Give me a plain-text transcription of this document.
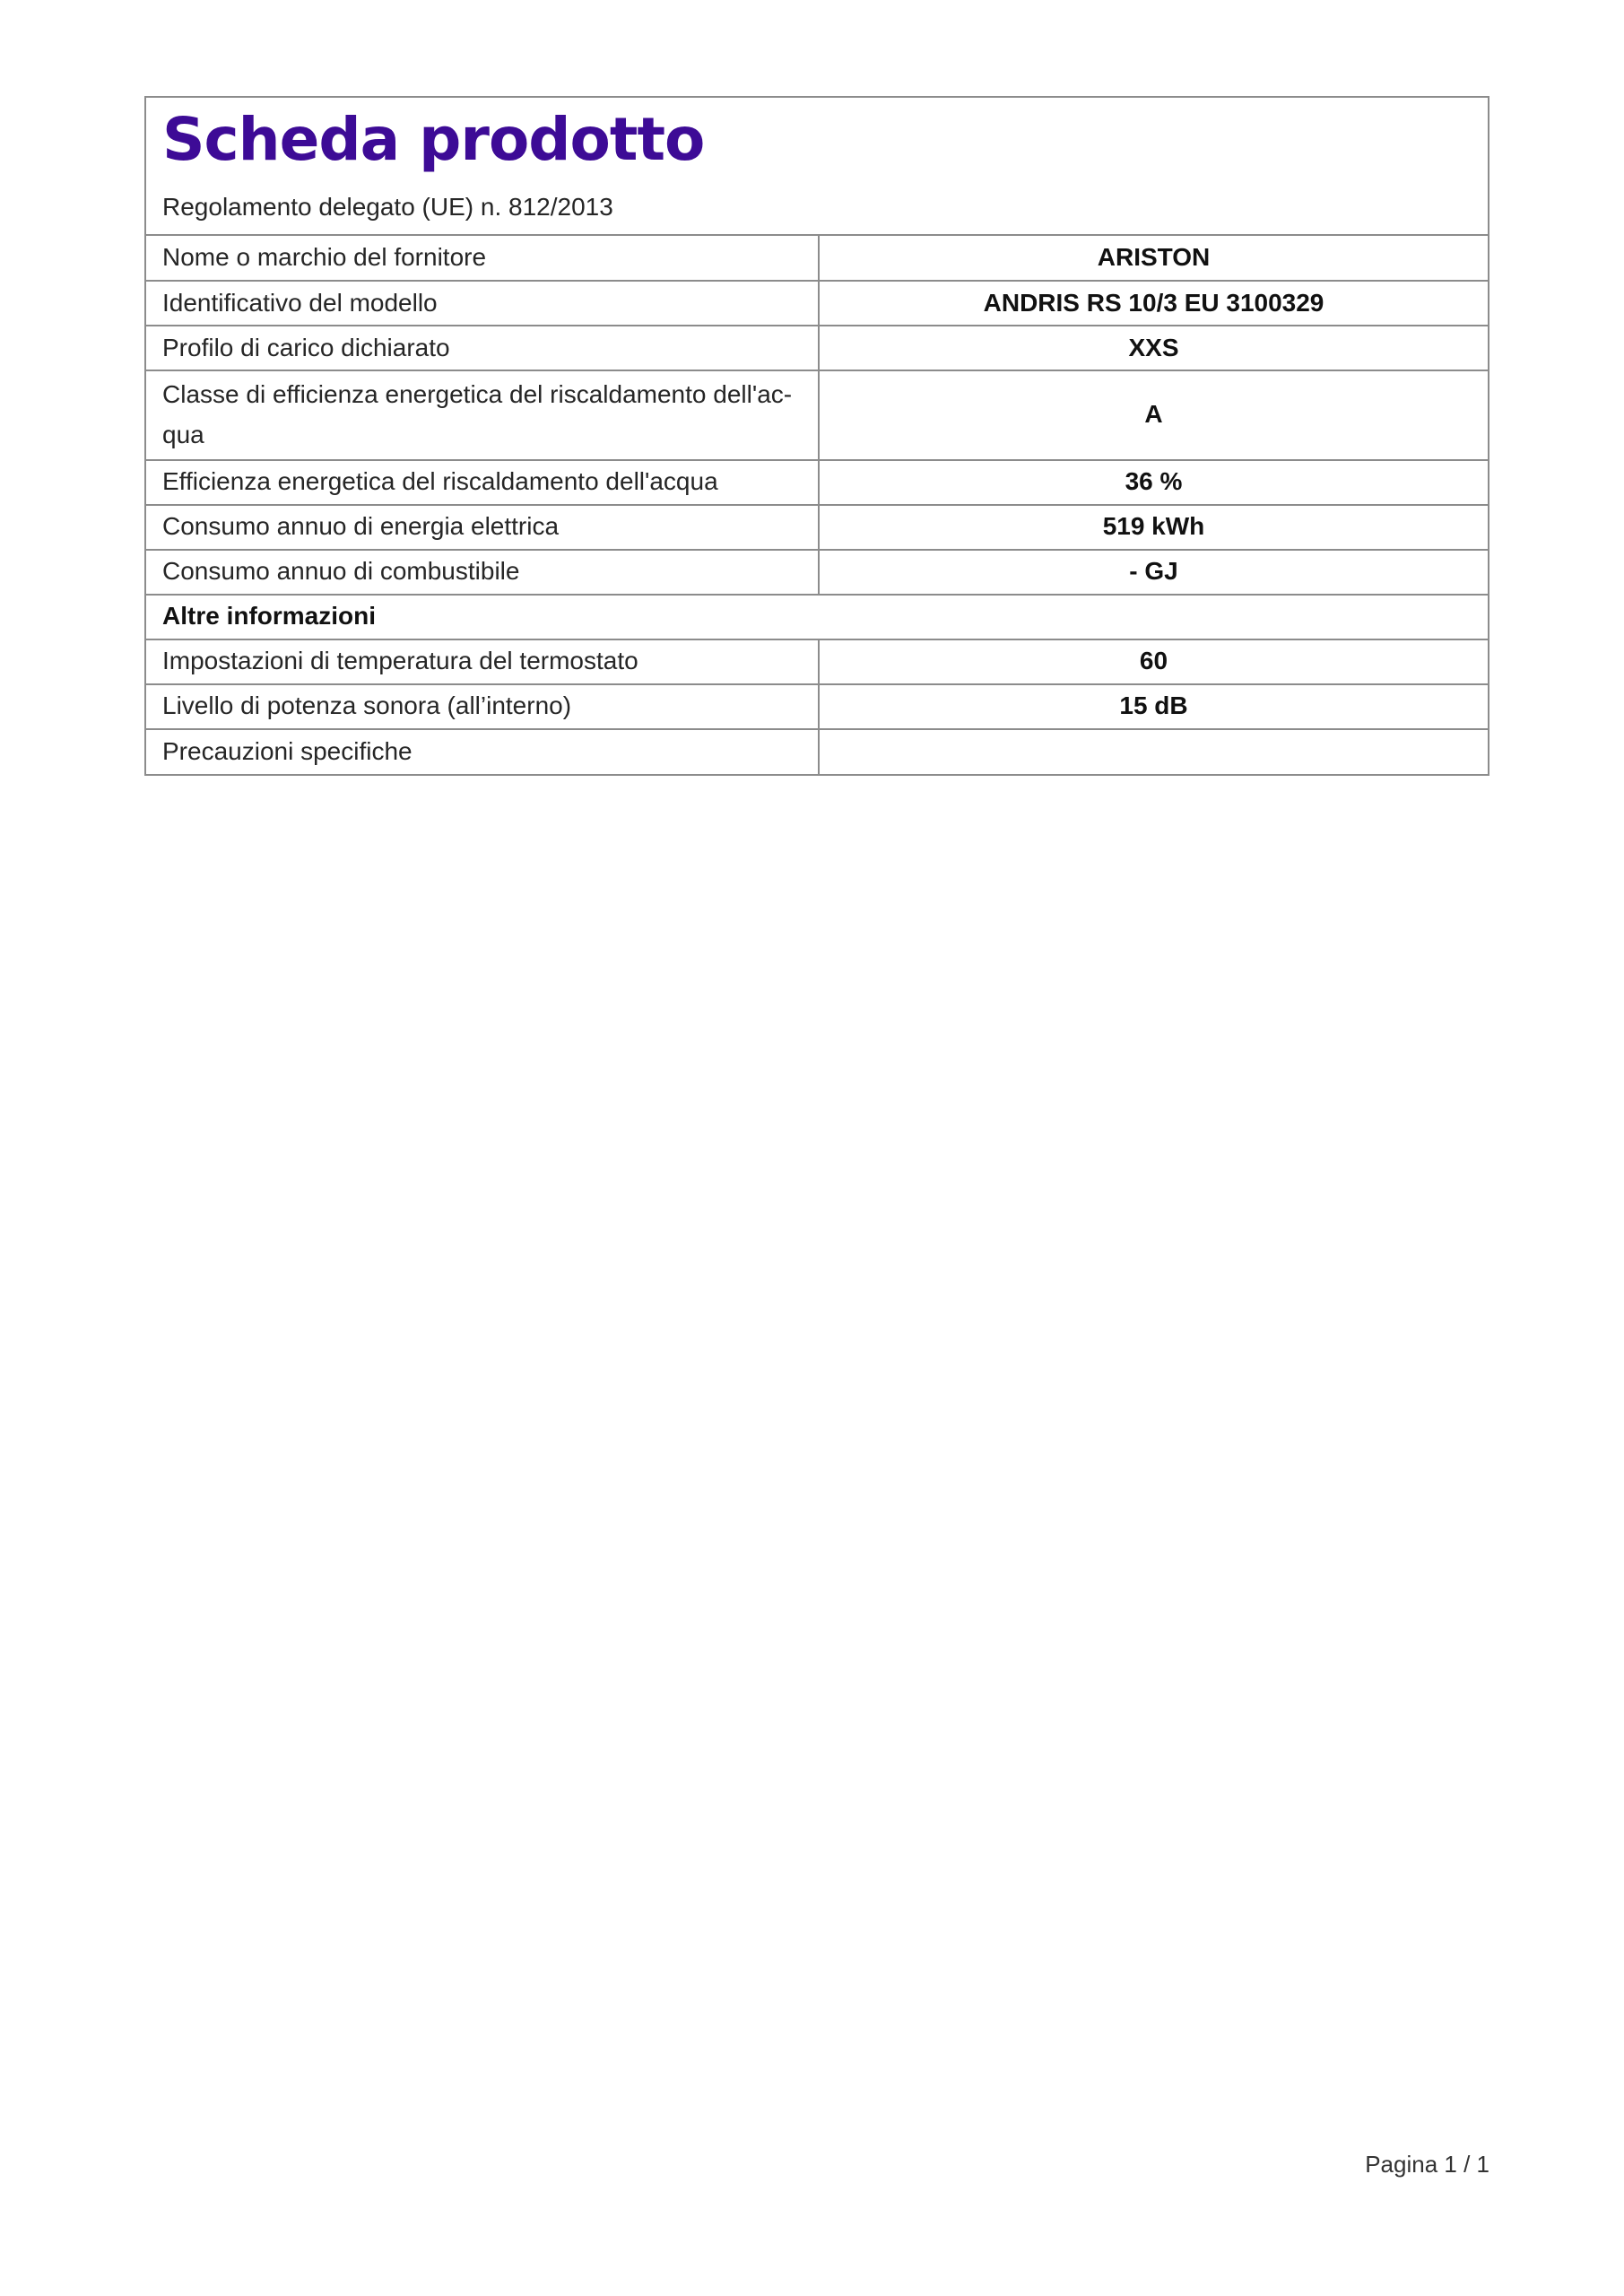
Scheda prodotto
Regolamento delegato (UE) n. 812/2013
Nome o marchio del fornitore	ARISTON
Identificativo del modello	ANDRIS RS 10/3 EU 3100329
Profilo di carico dichiarato	XXS
Classe di efficienza energetica del riscaldamento dell'ac-qua	A
Efficienza energetica del riscaldamento dell'acqua	36 %
Consumo annuo di energia elettrica	519 kWh
Consumo annuo di combustibile	- GJ
Altre informazioni	
Impostazioni di temperatura del termostato	60
Livello di potenza sonora (all’interno)	15 dB
Precauzioni specifiche	
Pagina 1 / 1
